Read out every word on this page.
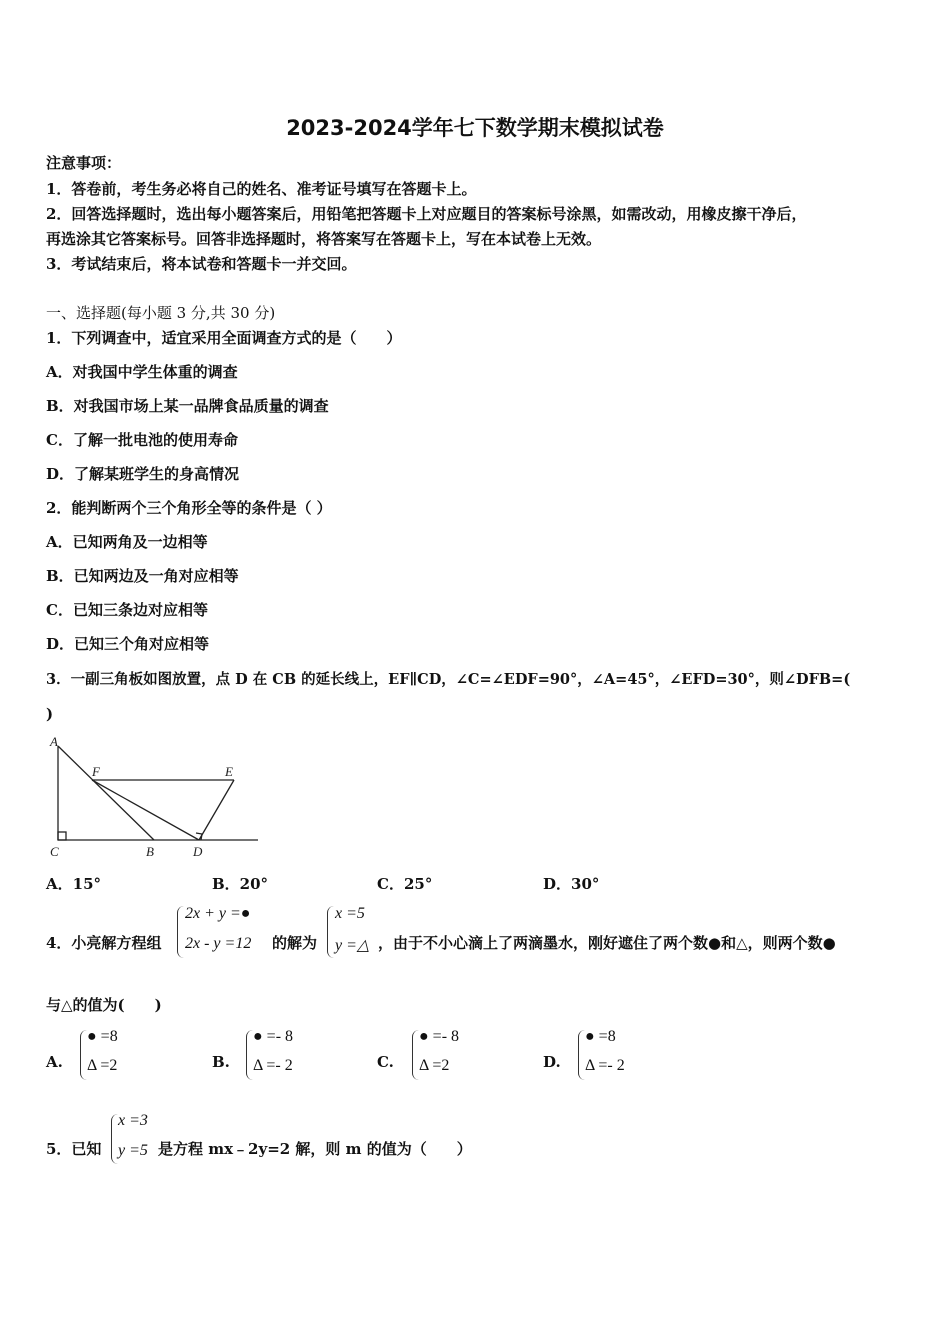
2023-2024学年七下数学期末模拟试卷
注意事项：
1．答卷前，考生务必将自己的姓名、准考证号填写在答题卡上。
2．回答选择题时，选出每小题答案后，用铅笔把答题卡上对应题目的答案标号涂黑，如需改动，用橡皮擦干净后，
再选涂其它答案标号。回答非选择题时，将答案写在答题卡上，写在本试卷上无效。
3．考试结束后，将本试卷和答题卡一并交回。
一、选择题(每小题 3 分,共 30 分)
1．下列调查中，适宜采用全面调查方式的是（　　）
A．对我国中学生体重的调查
B．对我国市场上某一品牌食品质量的调查
C．了解一批电池的使用寿命
D．了解某班学生的身高情况
2．能判断两个三个角形全等的条件是（ ）
A．已知两角及一边相等
B．已知两边及一角对应相等
C．已知三条边对应相等
D．已知三个角对应相等
3．一副三角板如图放置，点 D 在 CB 的延长线上，EF∥CD，∠C=∠EDF=90°，∠A=45°，∠EFD=30°，则∠DFB=(
)
A
F	E
C	B	D
A．15°	B．20°	C．25°	D．30°
4．小亮解方程组
2x + y =●
2x - y =12 的解为
x =5
y =△ ，由于不小心滴上了两滴墨水，刚好遮住了两个数●和△，则两个数●
与△的值为(　　)
A.
● =8
Δ =2	B.
● =- 8
Δ =- 2	C.
● =- 8
Δ =2	D.
● =8
Δ =- 2
5．已知
x =3
y =5 是方程 mx﹣2y=2 解，则 m 的值为（　　）
